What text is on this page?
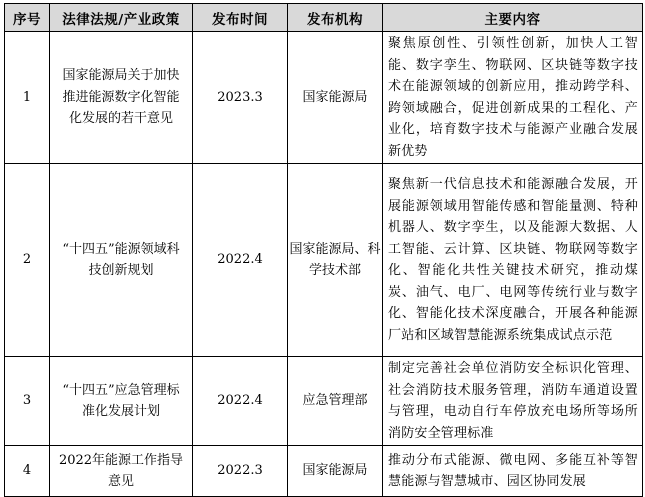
序号	法律法规/产业政策	发布时间	发布机构	主要内容
1	国家能源局关于加快推进能源数字化智能化发展的若干意见	2023.3	国家能源局	聚焦原创性、引领性创新，加快人工智能、数字孪生、物联网、区块链等数字技术在能源领域的创新应用，推动跨学科、跨领域融合，促进创新成果的工程化、产业化，培育数字技术与能源产业融合发展新优势
2	“十四五”能源领域科技创新规划	2022.4	国家能源局、科学技术部	聚焦新一代信息技术和能源融合发展，开展能源领域用智能传感和智能量测、特种机器人、数字孪生，以及能源大数据、人工智能、云计算、区块链、物联网等数字化、智能化共性关键技术研究，推动煤炭、油气、电厂、电网等传统行业与数字化、智能化技术深度融合，开展各种能源厂站和区域智慧能源系统集成试点示范
3	“十四五”应急管理标准化发展计划	2022.4	应急管理部	制定完善社会单位消防安全标识化管理、社会消防技术服务管理，消防车通道设置与管理，电动自行车停放充电场所等场所消防安全管理标准
4	2022年能源工作指导意见	2022.3	国家能源局	推动分布式能源、微电网、多能互补等智慧能源与智慧城市、园区协同发展
